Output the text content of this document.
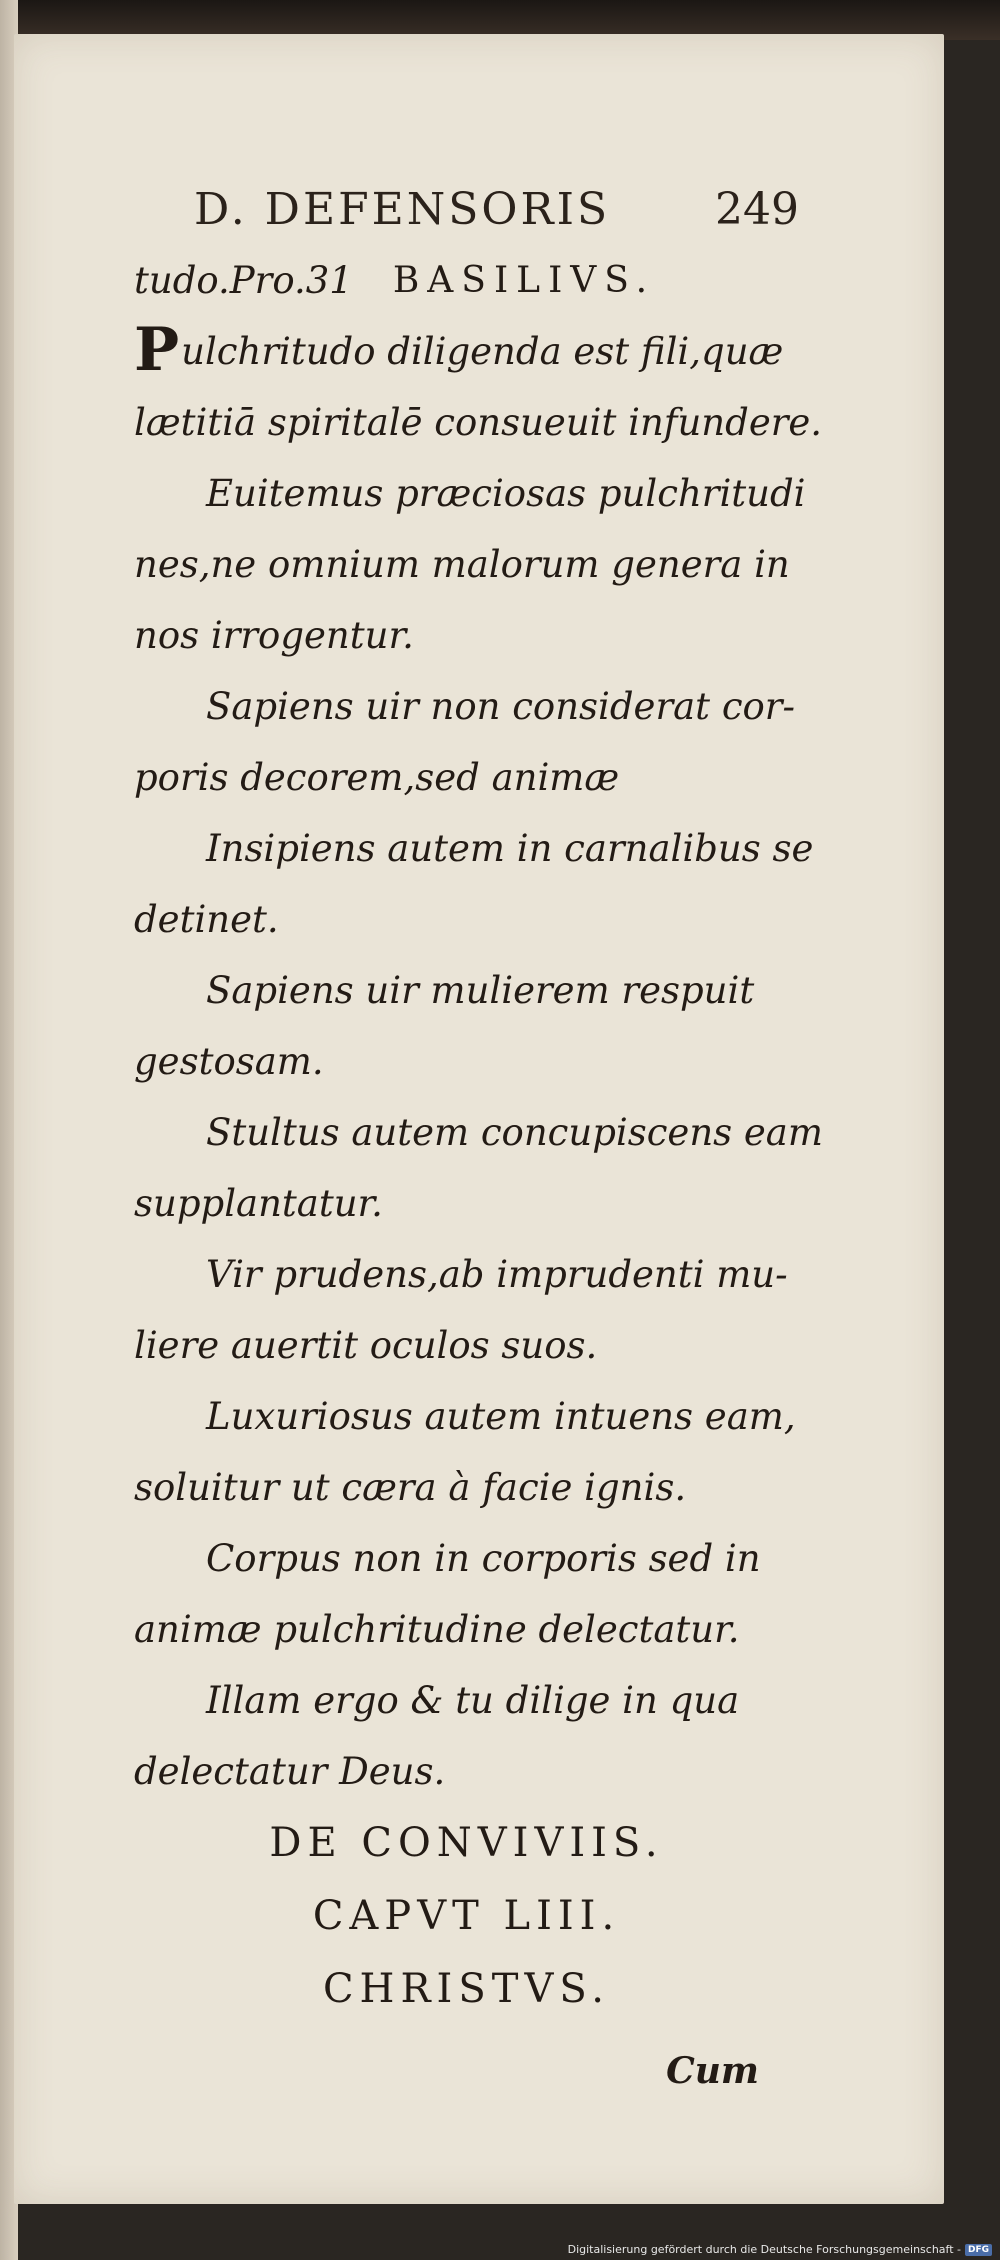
D. DEFENSORIS 249
tudo.Pro.31 BASILIVS.
Pulchritudo diligenda est fili,quæ
lætitiā spiritalē consueuit infundere.
Euitemus præciosas pulchritudi
nes,ne omnium malorum genera in
nos irrogentur.
Sapiens uir non considerat cor-
poris decorem,sed animæ
Insipiens autem in carnalibus se
detinet.
Sapiens uir mulierem respuit
gestosam.
Stultus autem concupiscens eam
supplantatur.
Vir prudens,ab imprudenti mu-
liere auertit oculos suos.
Luxuriosus autem intuens eam,
soluitur ut cæra à facie ignis.
Corpus non in corporis sed in
animæ pulchritudine delectatur.
Illam ergo & tu dilige in qua
delectatur Deus.
DE CONVIVIIS.
CAPVT LIII.
CHRISTVS.
Cum
Digitalisierung gefördert durch die Deutsche Forschungsgemeinschaft - DFG
